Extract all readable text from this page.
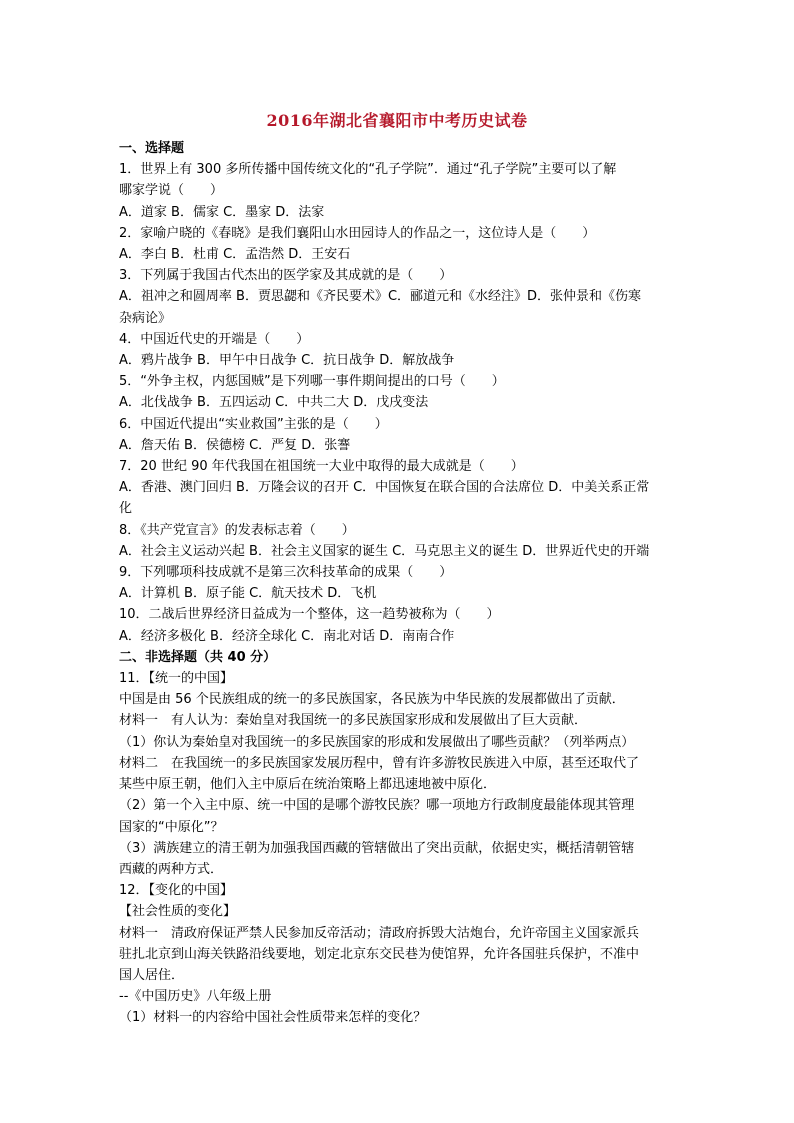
2016年湖北省襄阳市中考历史试卷
一、选择题
1．世界上有 300 多所传播中国传统文化的“孔子学院”．通过“孔子学院”主要可以了解
哪家学说（　　）
A．道家 B．儒家 C．墨家 D．法家
2．家喻户晓的《春晓》是我们襄阳山水田园诗人的作品之一，这位诗人是（　　）
A．李白 B．杜甫 C．孟浩然 D．王安石
3．下列属于我国古代杰出的医学家及其成就的是（　　）
A．祖冲之和圆周率 B．贾思勰和《齐民要术》C．郦道元和《水经注》D．张仲景和《伤寒
杂病论》
4．中国近代史的开端是（　　）
A．鸦片战争 B．甲午中日战争 C．抗日战争 D．解放战争
5．“外争主权，内惩国贼”是下列哪一事件期间提出的口号（　　）
A．北伐战争 B．五四运动 C．中共二大 D．戊戌变法
6．中国近代提出“实业救国”主张的是（　　）
A．詹天佑 B．侯德榜 C．严复 D．张謇
7．20 世纪 90 年代我国在祖国统一大业中取得的最大成就是（　　）
A．香港、澳门回归 B．万隆会议的召开 C．中国恢复在联合国的合法席位 D．中美关系正常
化
8．《共产党宣言》的发表标志着（　　）
A．社会主义运动兴起 B．社会主义国家的诞生 C．马克思主义的诞生 D．世界近代史的开端
9．下列哪项科技成就不是第三次科技革命的成果（　　）
A．计算机 B．原子能 C．航天技术 D．飞机
10．二战后世界经济日益成为一个整体，这一趋势被称为（　　）
A．经济多极化 B．经济全球化 C．南北对话 D．南南合作
二、非选择题（共 40 分）
11．【统一的中国】
中国是由 56 个民族组成的统一的多民族国家，各民族为中华民族的发展都做出了贡献．
材料一　有人认为：秦始皇对我国统一的多民族国家形成和发展做出了巨大贡献．
（1）你认为秦始皇对我国统一的多民族国家的形成和发展做出了哪些贡献？（列举两点）
材料二　在我国统一的多民族国家发展历程中，曾有许多游牧民族进入中原，甚至还取代了
某些中原王朝，他们入主中原后在统治策略上都迅速地被中原化．
（2）第一个入主中原、统一中国的是哪个游牧民族？哪一项地方行政制度最能体现其管理
国家的“中原化”？
（3）满族建立的清王朝为加强我国西藏的管辖做出了突出贡献，依据史实，概括清朝管辖
西藏的两种方式．
12．【变化的中国】
【社会性质的变化】
材料一　清政府保证严禁人民参加反帝活动；清政府拆毁大沽炮台，允许帝国主义国家派兵
驻扎北京到山海关铁路沿线要地，划定北京东交民巷为使馆界，允许各国驻兵保护，不准中
国人居住．
--《中国历史》八年级上册
（1）材料一的内容给中国社会性质带来怎样的变化？
